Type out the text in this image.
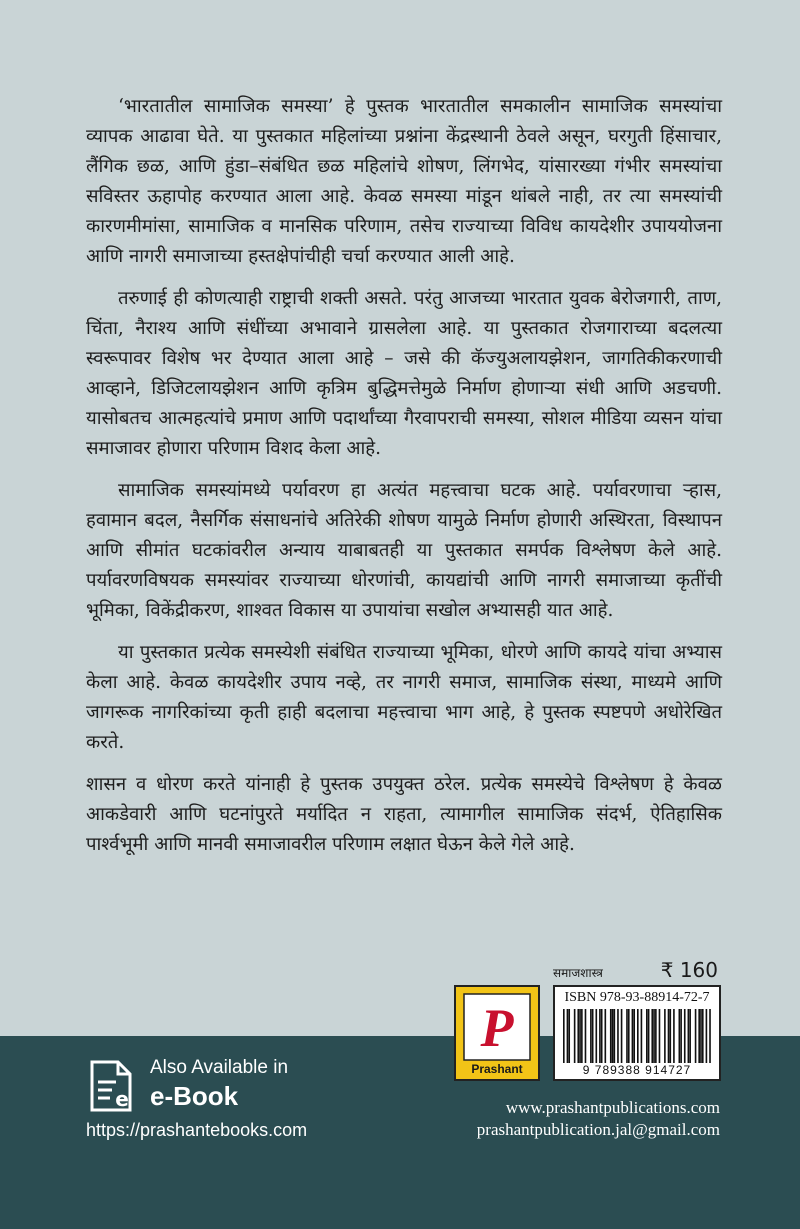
‘भारतातील सामाजिक समस्या’ हे पुस्तक भारतातील समकालीन सामाजिक समस्यांचा व्यापक आढावा घेते. या पुस्तकात महिलांच्या प्रश्नांना केंद्रस्थानी ठेवले असून, घरगुती हिंसाचार, लैंगिक छळ, आणि हुंडा–संबंधित छळ महिलांचे शोषण, लिंगभेद, यांसारख्या गंभीर समस्यांचा सविस्तर ऊहापोह करण्यात आला आहे. केवळ समस्या मांडून थांबले नाही, तर त्या समस्यांची कारणमीमांसा, सामाजिक व मानसिक परिणाम, तसेच राज्याच्या विविध कायदेशीर उपाययोजना आणि नागरी समाजाच्या हस्तक्षेपांचीही चर्चा करण्यात आली आहे.

तरुणाई ही कोणत्याही राष्ट्राची शक्ती असते. परंतु आजच्या भारतात युवक बेरोजगारी, ताण, चिंता, नैराश्य आणि संधींच्या अभावाने ग्रासलेला आहे. या पुस्तकात रोजगाराच्या बदलत्या स्वरूपावर विशेष भर देण्यात आला आहे – जसे की कॅज्युअलायझेशन, जागतिकीकरणाची आव्हाने, डिजिटलायझेशन आणि कृत्रिम बुद्धिमत्तेमुळे निर्माण होणाऱ्या संधी आणि अडचणी. यासोबतच आत्महत्यांचे प्रमाण आणि पदार्थांच्या गैरवापराची समस्या, सोशल मीडिया व्यसन यांचा समाजावर होणारा परिणाम विशद केला आहे.

सामाजिक समस्यांमध्ये पर्यावरण हा अत्यंत महत्त्वाचा घटक आहे. पर्यावरणाचा ऱ्हास, हवामान बदल, नैसर्गिक संसाधनांचे अतिरेकी शोषण यामुळे निर्माण होणारी अस्थिरता, विस्थापन आणि सीमांत घटकांवरील अन्याय याबाबतही या पुस्तकात समर्पक विश्लेषण केले आहे. पर्यावरणविषयक समस्यांवर राज्याच्या धोरणांची, कायद्यांची आणि नागरी समाजाच्या कृतींची भूमिका, विकेंद्रीकरण, शाश्वत विकास या उपायांचा सखोल अभ्यासही यात आहे.

या पुस्तकात प्रत्येक समस्येशी संबंधित राज्याच्या भूमिका, धोरणे आणि कायदे यांचा अभ्यास केला आहे. केवळ कायदेशीर उपाय नव्हे, तर नागरी समाज, सामाजिक संस्था, माध्यमे आणि जागरूक नागरिकांच्या कृती हाही बदलाचा महत्त्वाचा भाग आहे, हे पुस्तक स्पष्टपणे अधोरेखित करते.

शासन व धोरण करते यांनाही हे पुस्तक उपयुक्त ठरेल. प्रत्येक समस्येचे विश्लेषण हे केवळ आकडेवारी आणि घटनांपुरते मर्यादित न राहता, त्यामागील सामाजिक संदर्भ, ऐतिहासिक पार्श्वभूमी आणि मानवी समाजावरील परिणाम लक्षात घेऊन केले गेले आहे.

समाजशास्त्र	₹ 160
P
Prashant
ISBN 978-93-88914-72-7
9 789388 914727
e
Also Available in
e-Book
https://prashantebooks.com
www.prashantpublications.com
prashantpublication.jal@gmail.com
